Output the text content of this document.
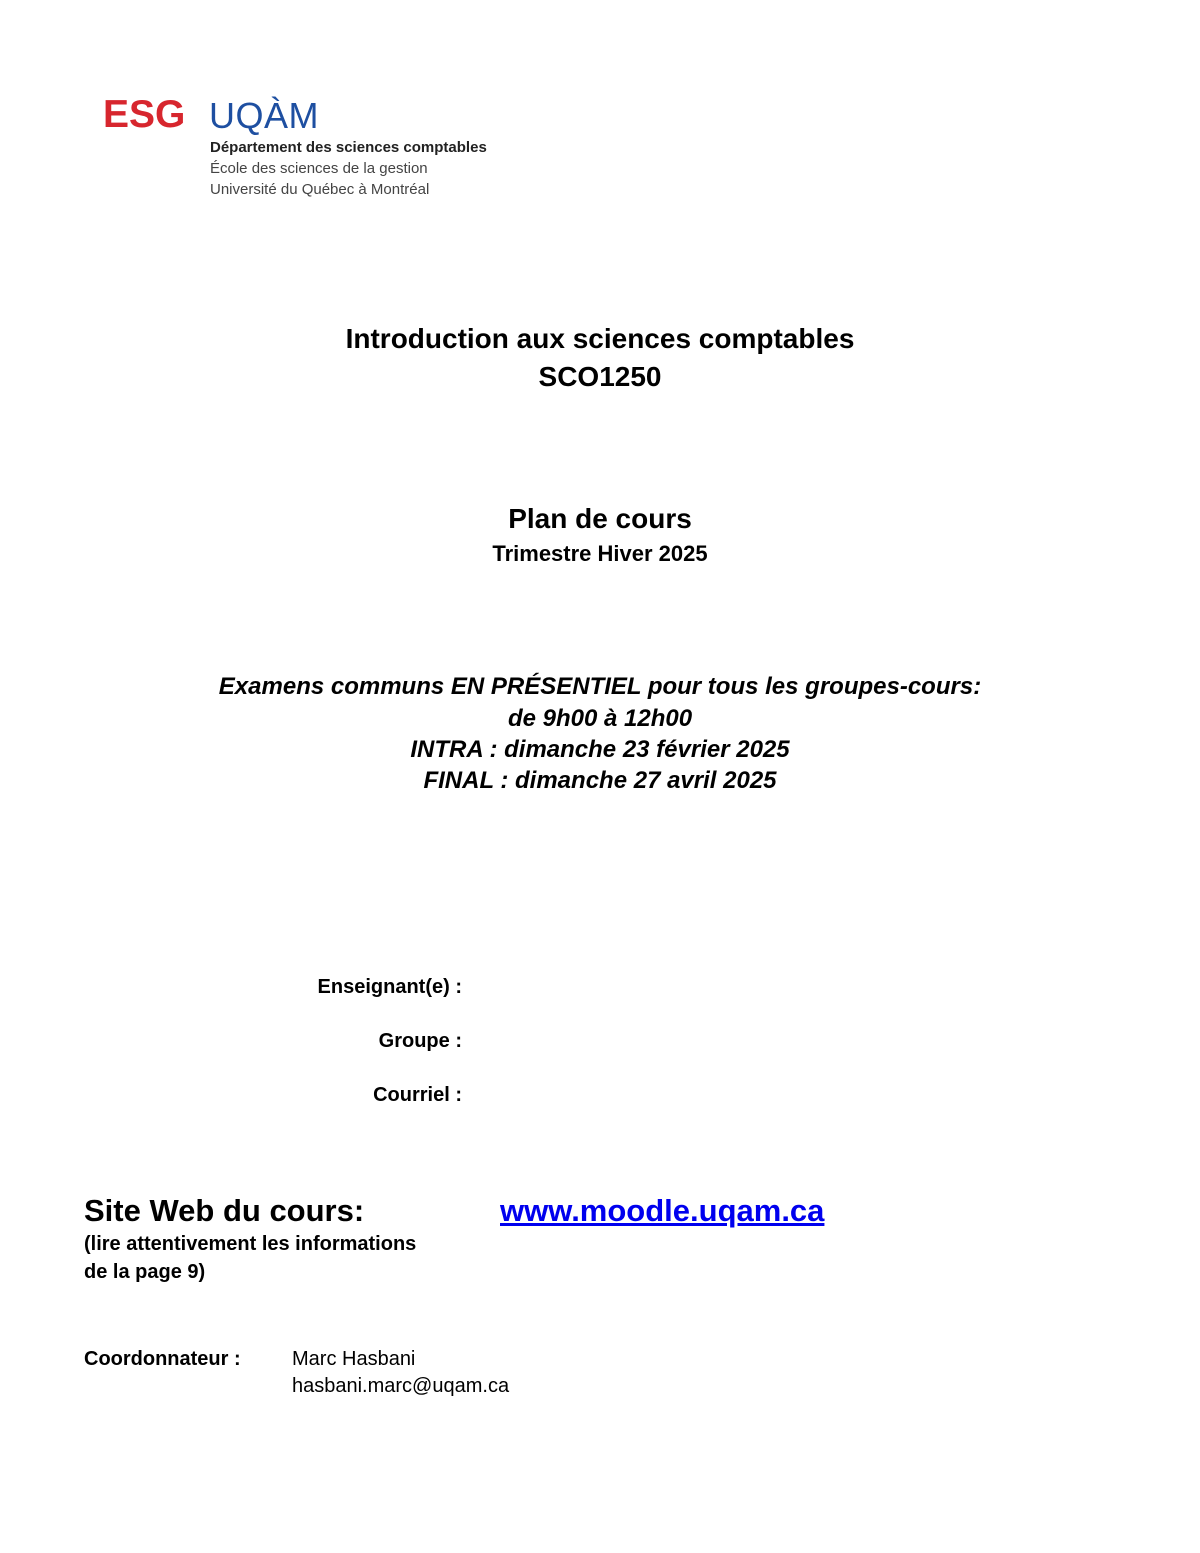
ESG UQÀM
Département des sciences comptables
École des sciences de la gestion
Université du Québec à Montréal
Introduction aux sciences comptables
SCO1250
Plan de cours
Trimestre Hiver 2025
Examens communs EN PRÉSENTIEL pour tous les groupes-cours:
de 9h00 à 12h00
INTRA : dimanche 23 février 2025
FINAL : dimanche 27 avril 2025
Enseignant(e) :
Groupe :
Courriel :
Site Web du cours:	www.moodle.uqam.ca
(lire attentivement les informations
de la page 9)
Coordonnateur :	Marc Hasbani
hasbani.marc@uqam.ca
